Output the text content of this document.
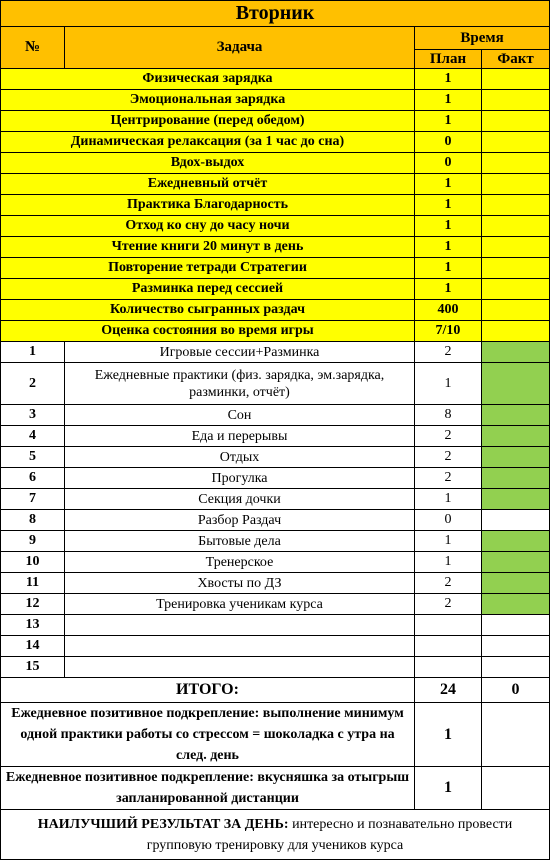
Вторник			
№	Задача	Время	
		План	Факт
Физическая зарядка		1	
Эмоциональная зарядка		1	
Центрирование (перед обедом)		1	
Динамическая релаксация (за 1 час до сна)		0	
Вдох-выдох		0	
Ежедневный отчёт		1	
Практика Благодарность		1	
Отход ко сну до часу ночи		1	
Чтение книги 20 минут в день		1	
Повторение тетради Стратегии		1	
Разминка перед сессией		1	
Количество сыгранных раздач		400	
Оценка состояния во время игры		7/10	
1	Игровые сессии+Разминка	2	
2	Ежедневные практики (физ. зарядка, эм.зарядка, разминки, отчёт)	1	
3	Сон	8	
4	Еда и перерывы	2	
5	Отдых	2	
6	Прогулка	2	
7	Секция дочки	1	
8	Разбор Раздач	0	
9	Бытовые дела	1	
10	Тренерское	1	
11	Хвосты по ДЗ	2	
12	Тренировка ученикам курса	2	
13			
14			
15			
ИТОГО:		24	0
Ежедневное позитивное подкрепление: выполнение минимум одной практики работы со стрессом = шоколадка с утра на след. день		1	
Ежедневное позитивное подкрепление: вкусняшка за отыгрыш запланированной дистанции		1	
НАИЛУЧШИЙ РЕЗУЛЬТАТ ЗА ДЕНЬ: интересно и познавательно провести групповую тренировку для учеников курса			
